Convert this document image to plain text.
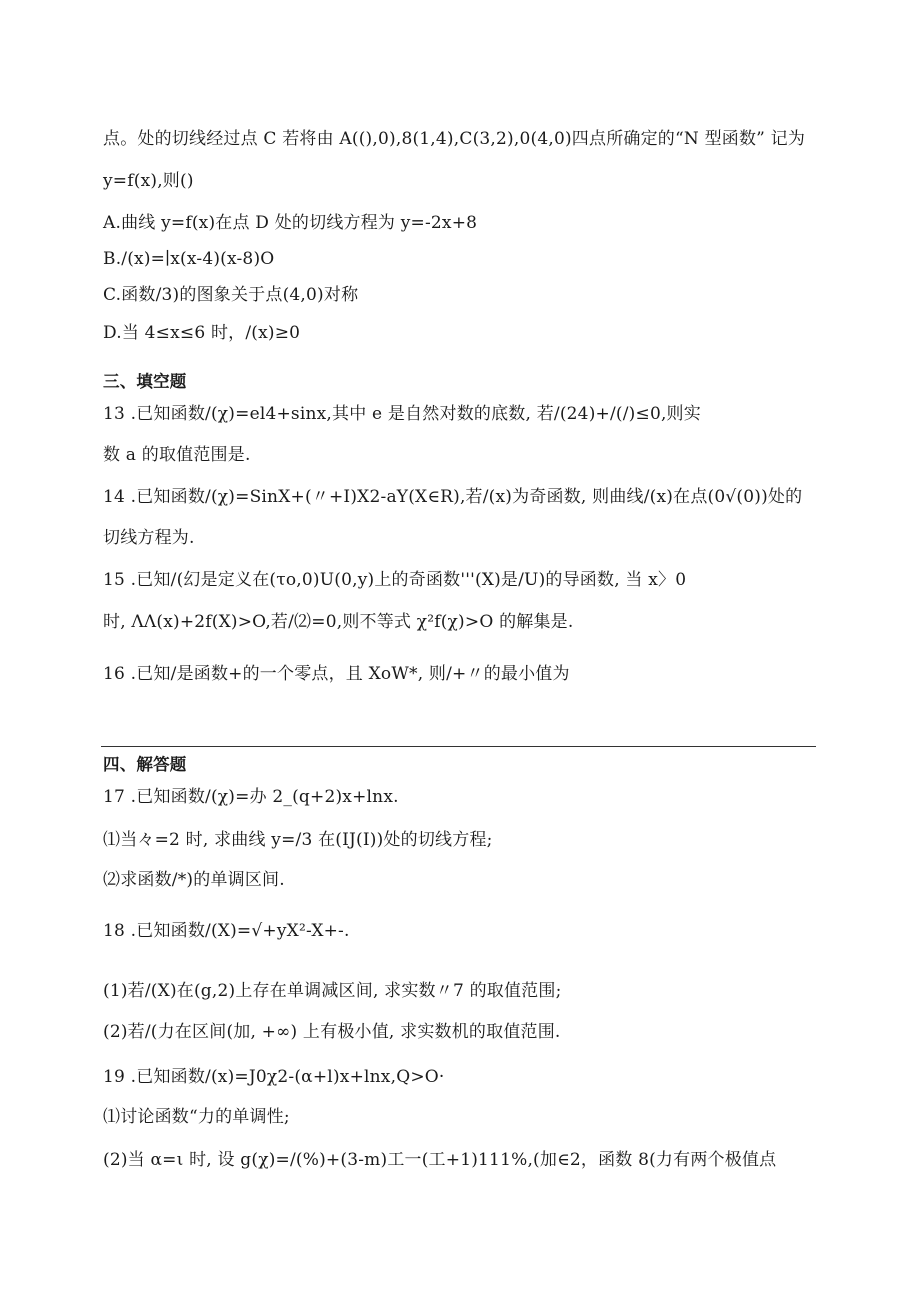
点。处的切线经过点 C 若将由 A((),0),8(1,4),C(3,2),0(4,0)四点所确定的“N 型函数” 记为
y=f(x),则()
A.曲线 y=f(x)在点 D 处的切线方程为 y=-2x+8
B./(x)=∣x(x-4)(x-8)O
C.函数/3)的图象关于点(4,0)对称
D.当 4≤x≤6 时，/(x)≥0
三、填空题
13 .已知函数/(χ)=el4+sinx,其中 e 是自然对数的底数, 若/(24)+/(/)≤0,则实
数 a 的取值范围是.
14 .已知函数/(χ)=SinX+(〃+I)X2-aY(X∈R),若/(x)为奇函数, 则曲线/(x)在点(0√(0))处的
切线方程为.
15 .已知/(幻是定义在(το,0)U(0,y)上的奇函数'''(X)是/U)的导函数, 当 x〉0
时, ΛΛ(x)+2f(X)>O,若/⑵=0,则不等式 χ²f(χ)>O 的解集是.
16 .已知/是函数+的一个零点，且 XoW*, 则/+〃的最小值为
四、解答题
17 .已知函数/(χ)=办 2_(q+2)x+lnx.
⑴当々=2 时, 求曲线 y=/3 在(IJ(I))处的切线方程;
⑵求函数/*)的单调区间.
18 .已知函数/(X)=√+yX²-X+-.
(1)若/(X)在(g,2)上存在单调减区间, 求实数〃7 的取值范围;
(2)若/(力在区间(加, +∞) 上有极小值, 求实数机的取值范围.
19 .已知函数/(x)=J0χ2-(α+l)x+lnx,Q>O·
⑴讨论函数“力的单调性;
(2)当 α=ι 时, 设 g(χ)=/(%)+(3-m)工一(工+1)111%,(加∈2，函数 8(力有两个极值点
